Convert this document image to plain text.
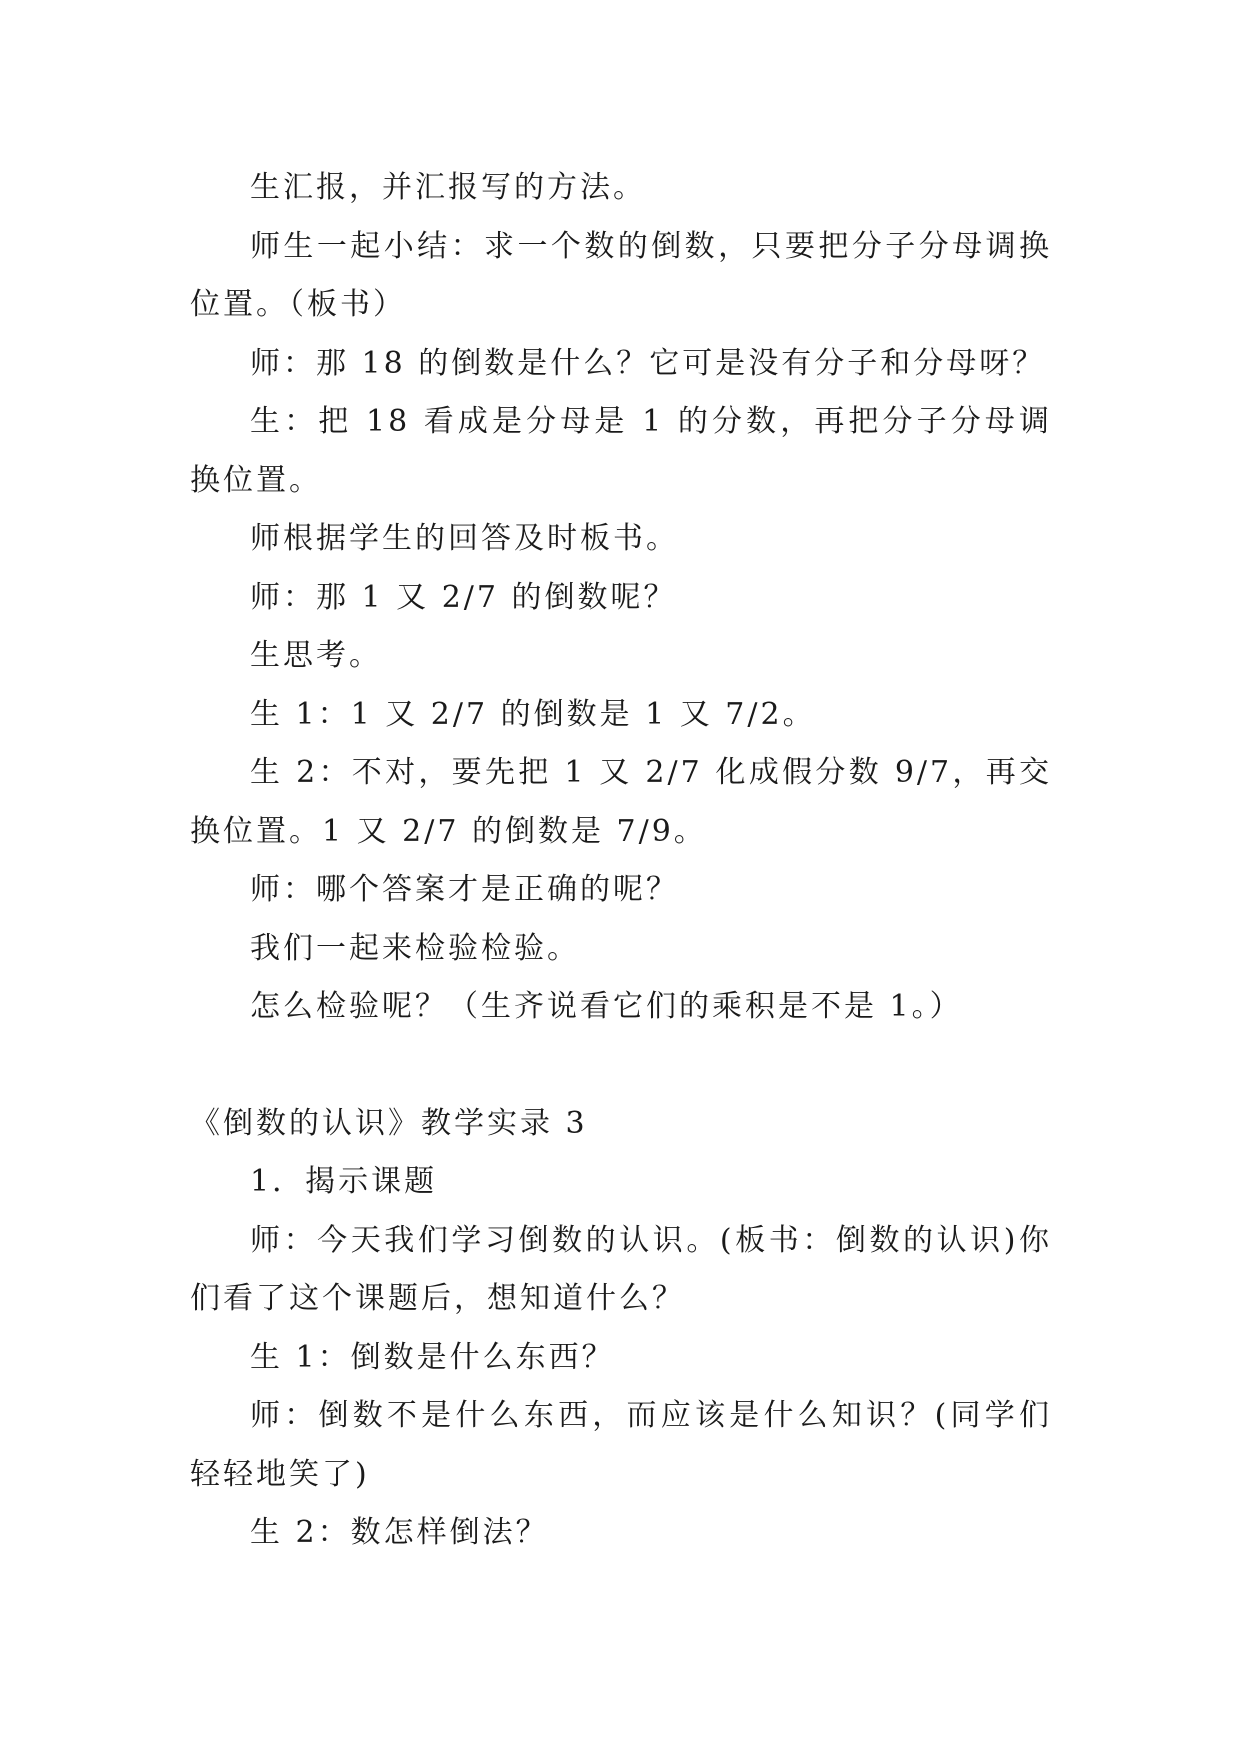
生汇报，并汇报写的方法。

师生一起小结：求一个数的倒数，只要把分子分母调换位置。（板书）

师：那 18 的倒数是什么？它可是没有分子和分母呀？

生：把 18 看成是分母是 1 的分数，再把分子分母调换位置。

师根据学生的回答及时板书。

师：那 1 又 2/7 的倒数呢？

生思考。

生 1：1 又 2/7 的倒数是 1 又 7/2。

生 2：不对，要先把 1 又 2/7 化成假分数 9/7，再交换位置。1 又 2/7 的倒数是 7/9。

师：哪个答案才是正确的呢？

我们一起来检验检验。

怎么检验呢？（生齐说看它们的乘积是不是 1。）

《倒数的认识》教学实录 3

1．揭示课题

师：今天我们学习倒数的认识。(板书：倒数的认识)你们看了这个课题后，想知道什么？

生 1：倒数是什么东西？

师：倒数不是什么东西，而应该是什么知识？(同学们轻轻地笑了)

生 2：数怎样倒法？
